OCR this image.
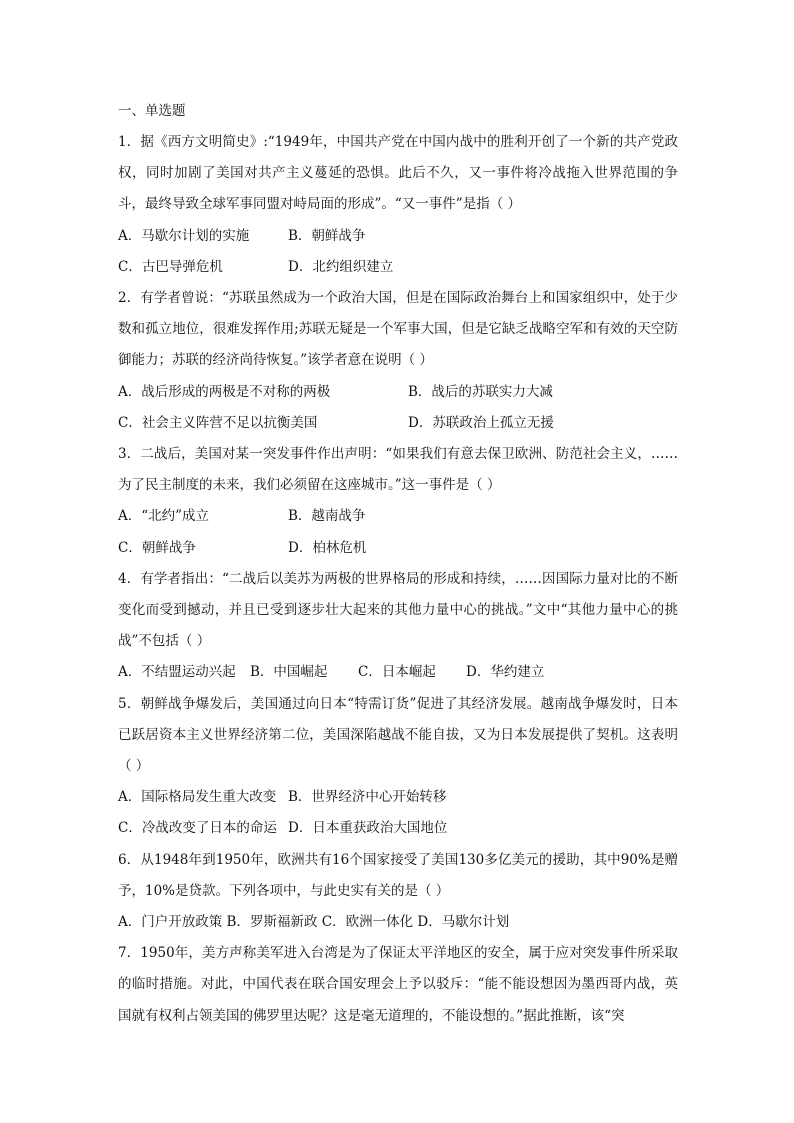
一、单选题
1．据《西方文明简史》:“1949年，中国共产党在中国内战中的胜利开创了一个新的共产党政权，同时加剧了美国对共产主义蔓延的恐惧。此后不久，又一事件将冷战拖入世界范围的争斗，最终导致全球军事同盟对峙局面的形成”。“又一事件”是指（ ）
A．马歇尔计划的实施	B．朝鲜战争
C．古巴导弹危机	D．北约组织建立
2．有学者曾说：“苏联虽然成为一个政治大国，但是在国际政治舞台上和国家组织中，处于少数和孤立地位，很难发挥作用;苏联无疑是一个军事大国，但是它缺乏战略空军和有效的天空防御能力；苏联的经济尚待恢复。”该学者意在说明（ ）
A．战后形成的两极是不对称的两极	B．战后的苏联实力大减
C．社会主义阵营不足以抗衡美国	D．苏联政治上孤立无援
3．二战后，美国对某一突发事件作出声明：“如果我们有意去保卫欧洲、防范社会主义，……为了民主制度的未来，我们必须留在这座城市。”这一事件是（ ）
A．“北约”成立	B．越南战争
C．朝鲜战争	D．柏林危机
4．有学者指出：“二战后以美苏为两极的世界格局的形成和持续，……因国际力量对比的不断变化而受到撼动，并且已受到逐步壮大起来的其他力量中心的挑战。”文中“其他力量中心的挑战”不包括（ ）
A．不结盟运动兴起	B．中国崛起	C．日本崛起	D．华约建立
5．朝鲜战争爆发后，美国通过向日本“特需订货”促进了其经济发展。越南战争爆发时，日本已跃居资本主义世界经济第二位，美国深陷越战不能自拔，又为日本发展提供了契机。这表明（ ）
A．国际格局发生重大改变 B．世界经济中心开始转移
C．冷战改变了日本的命运 D．日本重获政治大国地位
6．从1948年到1950年，欧洲共有16个国家接受了美国130多亿美元的援助，其中90%是赠予，10%是贷款。下列各项中，与此史实有关的是（ ）
A．门户开放政策 B．罗斯福新政 C．欧洲一体化 D．马歇尔计划
7．1950年，美方声称美军进入台湾是为了保证太平洋地区的安全，属于应对突发事件所采取的临时措施。对此，中国代表在联合国安理会上予以驳斥：“能不能设想因为墨西哥内战，英国就有权利占领美国的佛罗里达呢？这是毫无道理的，不能设想的。”据此推断，该“突
